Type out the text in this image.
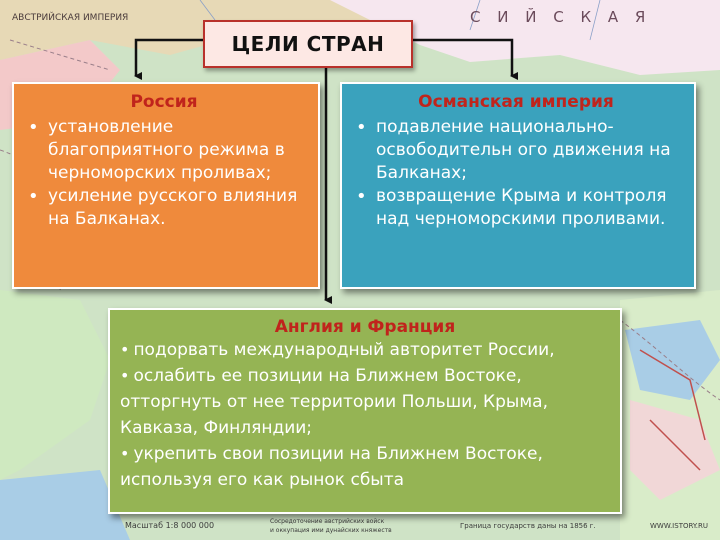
АВСТРИЙСКАЯ ИМПЕРИЯ	С И Й С К А Я
Масштаб 1:8 000 000	Сосредоточение австрийских войск
и оккупация ими дунайских княжеств
Граница государств даны на 1856 г.	WWW.ISTORY.RU
ЦЕЛИ СТРАН
Россия
• установление благоприятного режима в черноморских проливах;
• усиление русского влияния на Балканах.
Османская империя
• подавление национально-освободительн ого движения на Балканах;
• возвращение Крыма и контроля над черноморскими проливами.
Англия и Франция

• подорвать международный авторитет России,

• ослабить ее позиции на Ближнем Востоке, отторгнуть от нее территории Польши, Крыма, Кавказа, Финляндии;

• укрепить свои позиции на Ближнем Востоке, используя его как рынок сбыта
